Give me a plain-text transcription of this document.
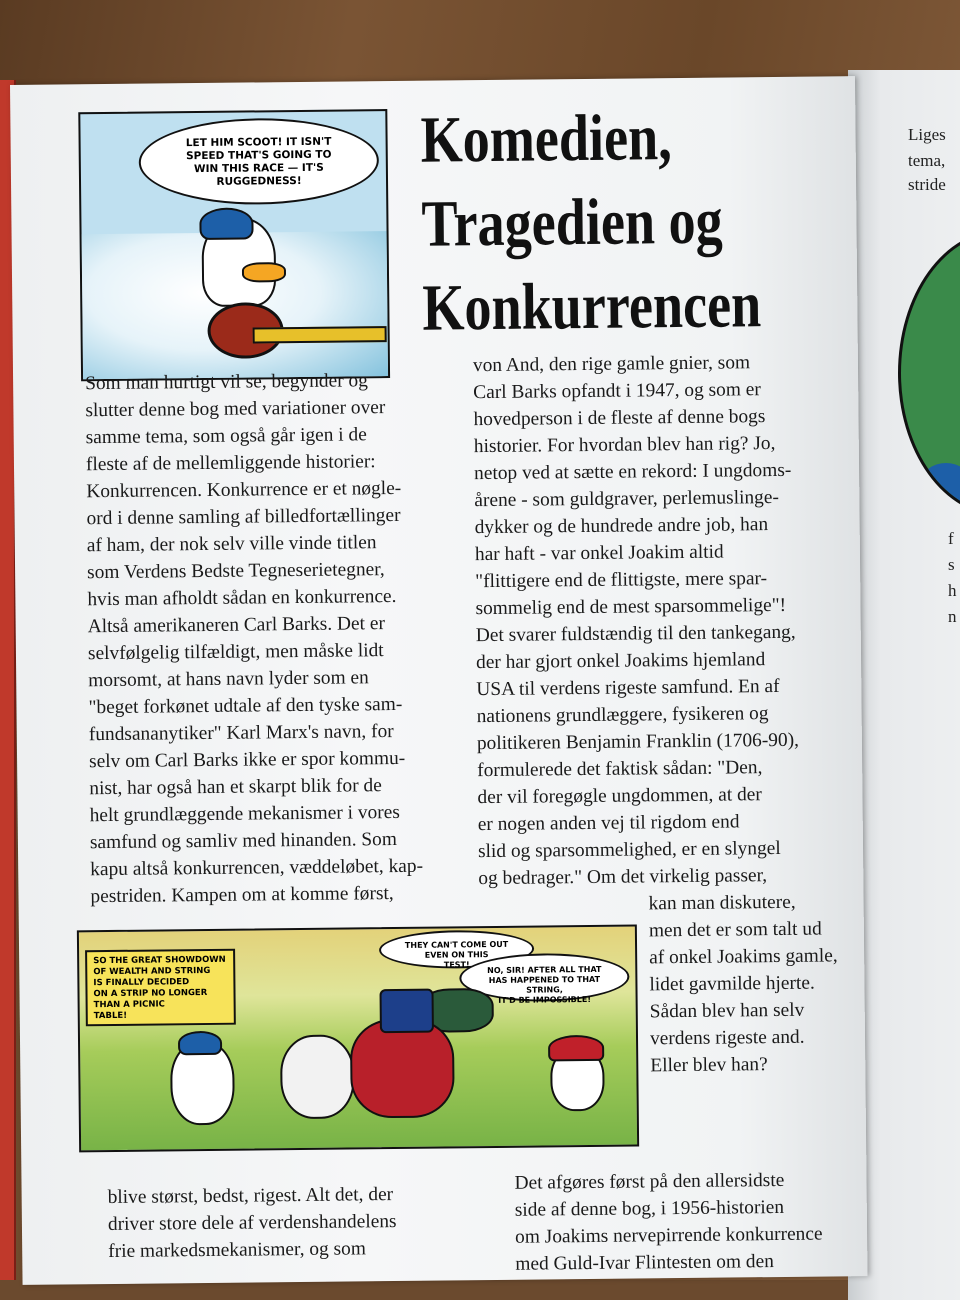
Liges
tema,
stride
f
s
h
n
LET HIM SCOOT! IT ISN'T
SPEED THAT'S GOING TO
WIN THIS RACE — IT'S
RUGGEDNESS!
Komedien,
Tragedien og
Konkurrencen
Som man hurtigt vil se, begynder og
slutter denne bog med variationer over
samme tema, som også går igen i de
fleste af de mellemliggende historier:
Konkurrencen. Konkurrence er et nøgle-
ord i denne samling af billedfortællinger
af ham, der nok selv ville vinde titlen
som Verdens Bedste Tegneserietegner,
hvis man afholdt sådan en konkurrence.
Altså amerikaneren Carl Barks. Det er
selvfølgelig tilfældigt, men måske lidt
morsomt, at hans navn lyder som en
"beget forkønet udtale af den tyske sam-
fundsananytiker" Karl Marx's navn, for
selv om Carl Barks ikke er spor kommu-
nist, har også han et skarpt blik for de
helt grundlæggende mekanismer i vores
samfund og samliv med hinanden. Som
kapu altså konkurrencen, væddeløbet, kap-
pestriden. Kampen om at komme først,
von And, den rige gamle gnier, som
Carl Barks opfandt i 1947, og som er
hovedperson i de fleste af denne bogs
historier. For hvordan blev han rig? Jo,
netop ved at sætte en rekord: I ungdoms-
årene - som guldgraver, perlemuslinge-
dykker og de hundrede andre job, han
har haft - var onkel Joakim altid
"flittigere end de flittigste, mere spar-
sommelig end de mest sparsommelige"!
Det svarer fuldstændig til den tankegang,
der har gjort onkel Joakims hjemland
USA til verdens rigeste samfund. En af
nationens grundlæggere, fysikeren og
politikeren Benjamin Franklin (1706-90),
formulerede det faktisk sådan: "Den,
der vil foregøgle ungdommen, at der
er nogen anden vej til rigdom end
slid og sparsommelighed, er en slyngel
og bedrager." Om det virkelig passer,
kan man diskutere,
men det er som talt ud
af onkel Joakims gamle,
lidet gavmilde hjerte.
Sådan blev han selv
verdens rigeste and.
Eller blev han?
SO THE GREAT SHOWDOWN
OF WEALTH AND STRING
IS FINALLY DECIDED
ON A STRIP NO LONGER
THAN A PICNIC
TABLE!
THEY CAN'T COME OUT EVEN ON THIS
TEST!	NO, SIR! AFTER ALL THAT
HAS HAPPENED TO THAT STRING,
IT'D BE IMPOSSIBLE!
blive størst, bedst, rigest. Alt det, der
driver store dele af verdenshandelens
frie markedsmekanismer, og som
Det afgøres først på den allersidste
side af denne bog, i 1956-historien
om Joakims nervepirrende konkurrence
med Guld-Ivar Flintesten om den
